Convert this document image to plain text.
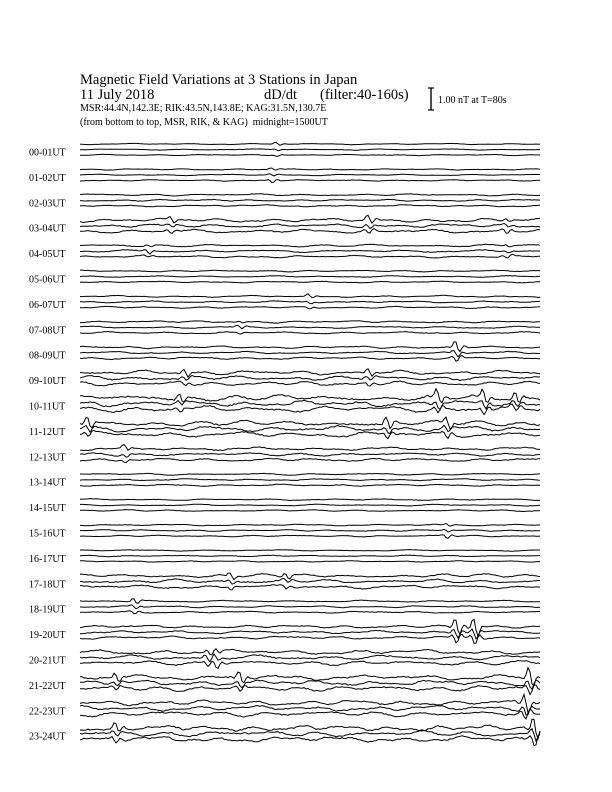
Magnetic Field Variations at 3 Stations in Japan
11 July 2018	dD/dt (filter:40-160s)
MSR:44.4N,142.3E; RIK:43.5N,143.8E; KAG:31.5N,130.7E
(from bottom to top, MSR, RIK, & KAG) midnight=1500UT
1.00 nT at T=80s
00-01UT
01-02UT
02-03UT
03-04UT
04-05UT
05-06UT
06-07UT
07-08UT
08-09UT
09-10UT
10-11UT
11-12UT
12-13UT
13-14UT
14-15UT
15-16UT
16-17UT
17-18UT
18-19UT
19-20UT
20-21UT
21-22UT
22-23UT
23-24UT
